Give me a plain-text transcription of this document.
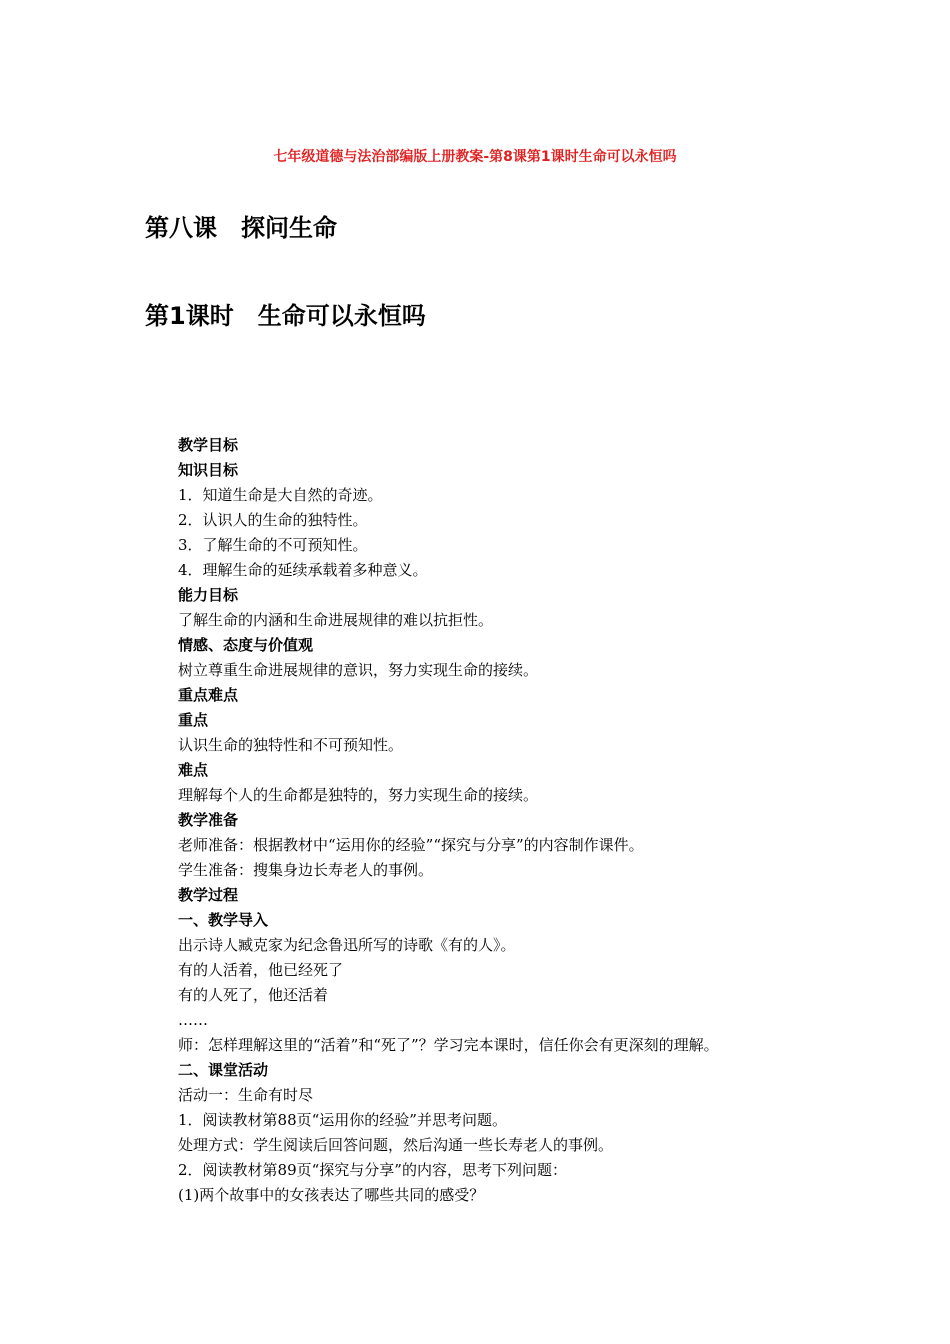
七年级道德与法治部编版上册教案-第8课第1课时生命可以永恒吗
第八课　探问生命
第1课时　生命可以永恒吗
教学目标
知识目标
1．知道生命是大自然的奇迹。
2．认识人的生命的独特性。
3．了解生命的不可预知性。
4．理解生命的延续承载着多种意义。
能力目标
了解生命的内涵和生命进展规律的难以抗拒性。
情感、态度与价值观
树立尊重生命进展规律的意识，努力实现生命的接续。
重点难点
重点
认识生命的独特性和不可预知性。
难点
理解每个人的生命都是独特的，努力实现生命的接续。
教学准备
老师准备：根据教材中“运用你的经验”“探究与分享”的内容制作课件。
学生准备：搜集身边长寿老人的事例。
教学过程
一、教学导入
出示诗人臧克家为纪念鲁迅所写的诗歌《有的人》。
有的人活着，他已经死了
有的人死了，他还活着
……
师：怎样理解这里的“活着”和“死了”？学习完本课时，信任你会有更深刻的理解。
二、课堂活动
活动一：生命有时尽
1．阅读教材第88页“运用你的经验”并思考问题。
处理方式：学生阅读后回答问题，然后沟通一些长寿老人的事例。
2．阅读教材第89页“探究与分享”的内容，思考下列问题：
(1)两个故事中的女孩表达了哪些共同的感受？
